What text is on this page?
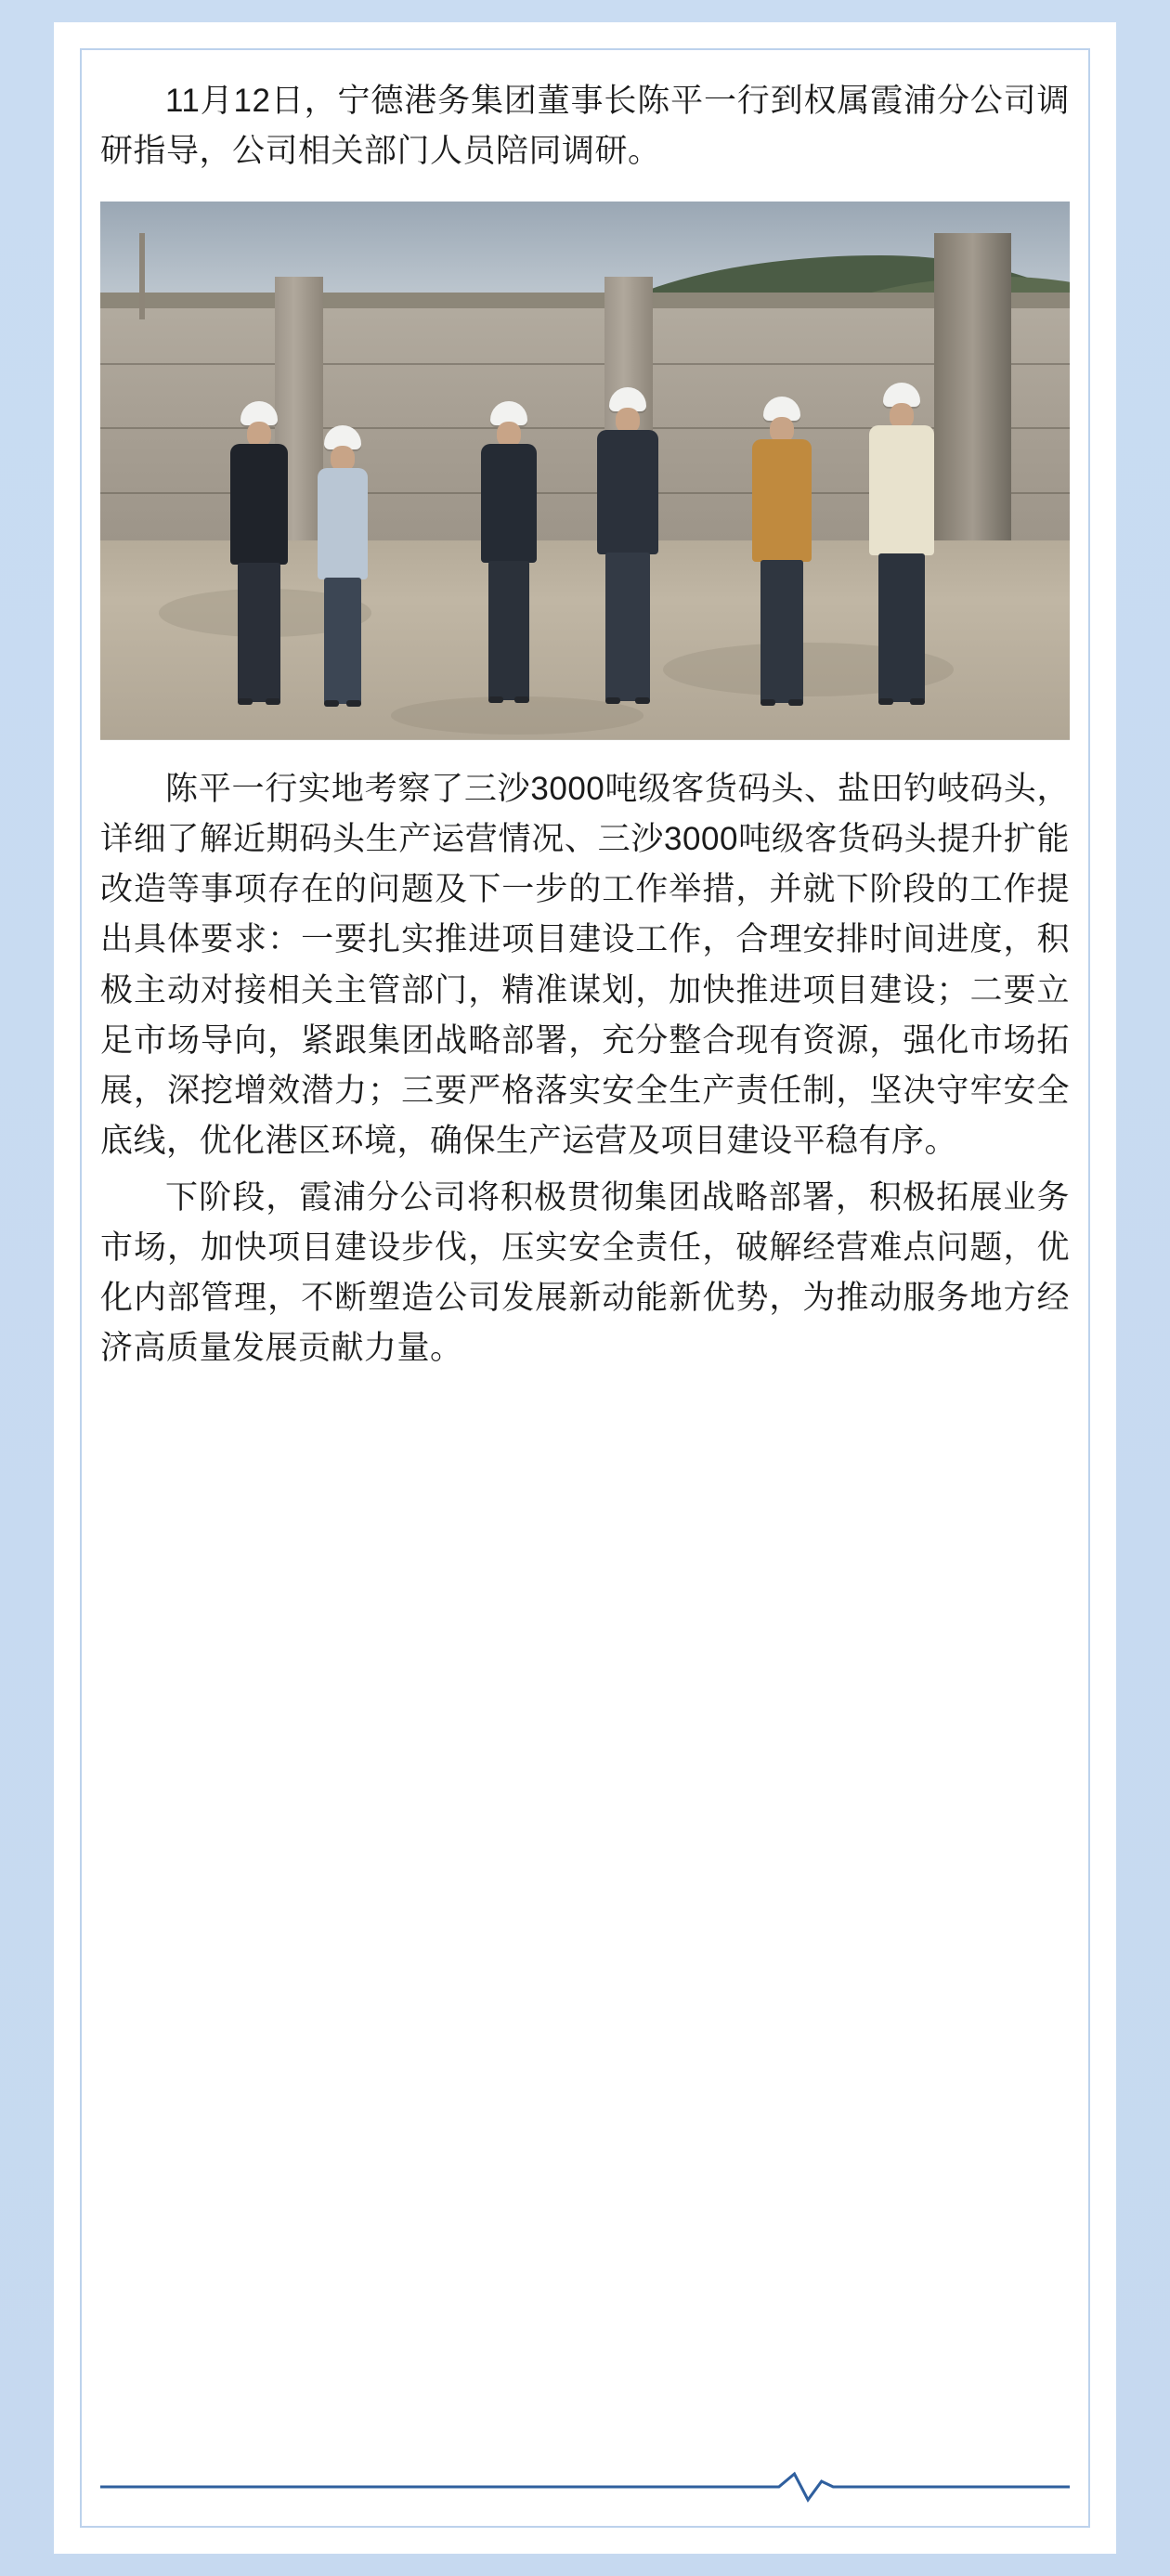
11月12日，宁德港务集团董事长陈平一行到权属霞浦分公司调研指导，公司相关部门人员陪同调研。

陈平一行实地考察了三沙3000吨级客货码头、盐田钓岐码头，详细了解近期码头生产运营情况、三沙3000吨级客货码头提升扩能改造等事项存在的问题及下一步的工作举措，并就下阶段的工作提出具体要求：一要扎实推进项目建设工作，合理安排时间进度，积极主动对接相关主管部门，精准谋划，加快推进项目建设；二要立足市场导向，紧跟集团战略部署，充分整合现有资源，强化市场拓展，深挖增效潜力；三要严格落实安全生产责任制，坚决守牢安全底线，优化港区环境，确保生产运营及项目建设平稳有序。

下阶段，霞浦分公司将积极贯彻集团战略部署，积极拓展业务市场，加快项目建设步伐，压实安全责任，破解经营难点问题，优化内部管理，不断塑造公司发展新动能新优势，为推动服务地方经济高质量发展贡献力量。
